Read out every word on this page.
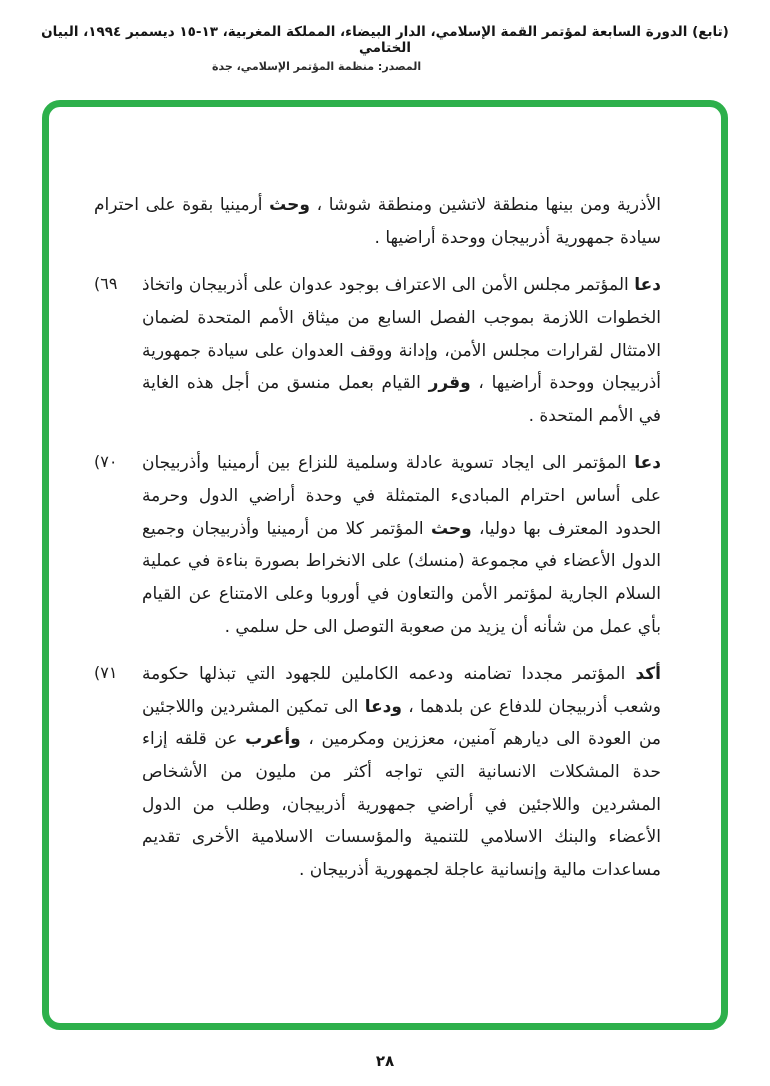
(تابع) الدورة السابعة لمؤتمر القمة الإسلامي، الدار البيضاء، المملكة المغربية، ١٣-١٥ ديسمبر ١٩٩٤، البيان الختامي
المصدر: منظمة المؤتمر الإسلامي، جدة
الأذرية ومن بينها منطقة لاتشين ومنطقة شوشا ، وحث أرمينيا بقوة على احترام سيادة جمهورية أذربيجان ووحدة أراضيها .
(٦٩	دعا المؤتمر مجلس الأمن الى الاعتراف بوجود عدوان على أذربيجان واتخاذ الخطوات اللازمة بموجب الفصل السابع من ميثاق الأمم المتحدة لضمان الامتثال لقرارات مجلس الأمن، وإدانة ووقف العدوان على سيادة جمهورية أذربيجان ووحدة أراضيها ، وقرر القيام بعمل منسق من أجل هذه الغاية في الأمم المتحدة .
(٧٠	دعا المؤتمر الى ايجاد تسوية عادلة وسلمية للنزاع بين أرمينيا وأذربيجان على أساس احترام المبادىء المتمثلة في وحدة أراضي الدول وحرمة الحدود المعترف بها دوليا، وحث المؤتمر كلا من أرمينيا وأذربيجان وجميع الدول الأعضاء في مجموعة (منسك) على الانخراط بصورة بناءة في عملية السلام الجارية لمؤتمر الأمن والتعاون في أوروبا وعلى الامتناع عن القيام بأي عمل من شأنه أن يزيد من صعوبة التوصل الى حل سلمي .
(٧١	أكد المؤتمر مجددا تضامنه ودعمه الكاملين للجهود التي تبذلها حكومة وشعب أذربيجان للدفاع عن بلدهما ، ودعا الى تمكين المشردين واللاجئين من العودة الى ديارهم آمنين، معززين ومكرمين ، وأعرب عن قلقه إزاء حدة المشكلات الانسانية التي تواجه أكثر من مليون من الأشخاص المشردين واللاجئين في أراضي جمهورية أذربيجان، وطلب من الدول الأعضاء والبنك الاسلامي للتنمية والمؤسسات الاسلامية الأخرى تقديم مساعدات مالية وإنسانية عاجلة لجمهورية أذربيجان .
٢٨
